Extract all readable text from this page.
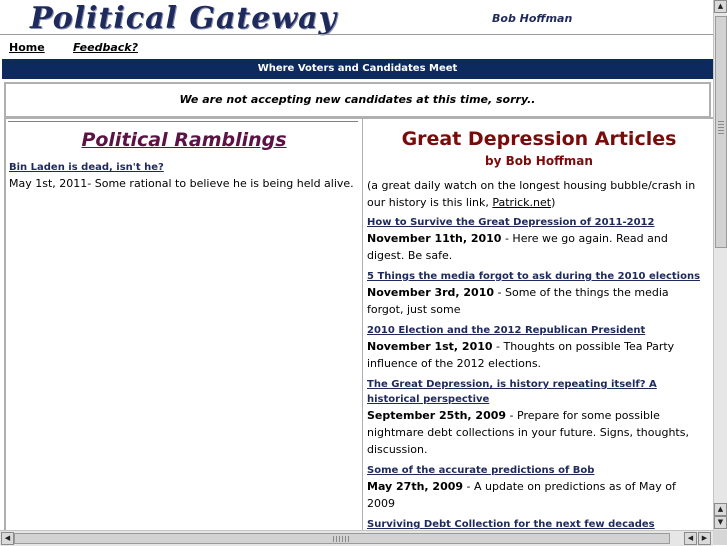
Political Gateway	Bob Hoffman
Home	Feedback?
Where Voters and Candidates Meet
We are not accepting new candidates at this time, sorry..
Political Ramblings
Bin Laden is dead, isn't he?
May 1st, 2011- Some rational to believe he is being held alive.
Great Depression Articles
by Bob Hoffman
(a great daily watch on the longest housing bubble/crash in our history is this link, Patrick.net)
How to Survive the Great Depression of 2011-2012
November 11th, 2010 - Here we go again. Read and digest. Be safe.
5 Things the media forgot to ask during the 2010 elections
November 3rd, 2010 - Some of the things the media forgot, just some
2010 Election and the 2012 Republican President
November 1st, 2010 - Thoughts on possible Tea Party influence of the 2012 elections.
The Great Depression, is history repeating itself? A historical perspective
September 25th, 2009 - Prepare for some possible nightmare debt collections in your future. Signs, thoughts, discussion.
Some of the accurate predictions of Bob
May 27th, 2009 - A update on predictions as of May of 2009
Surviving Debt Collection for the next few decades
▲
▲
▼
◀	◀	▶
